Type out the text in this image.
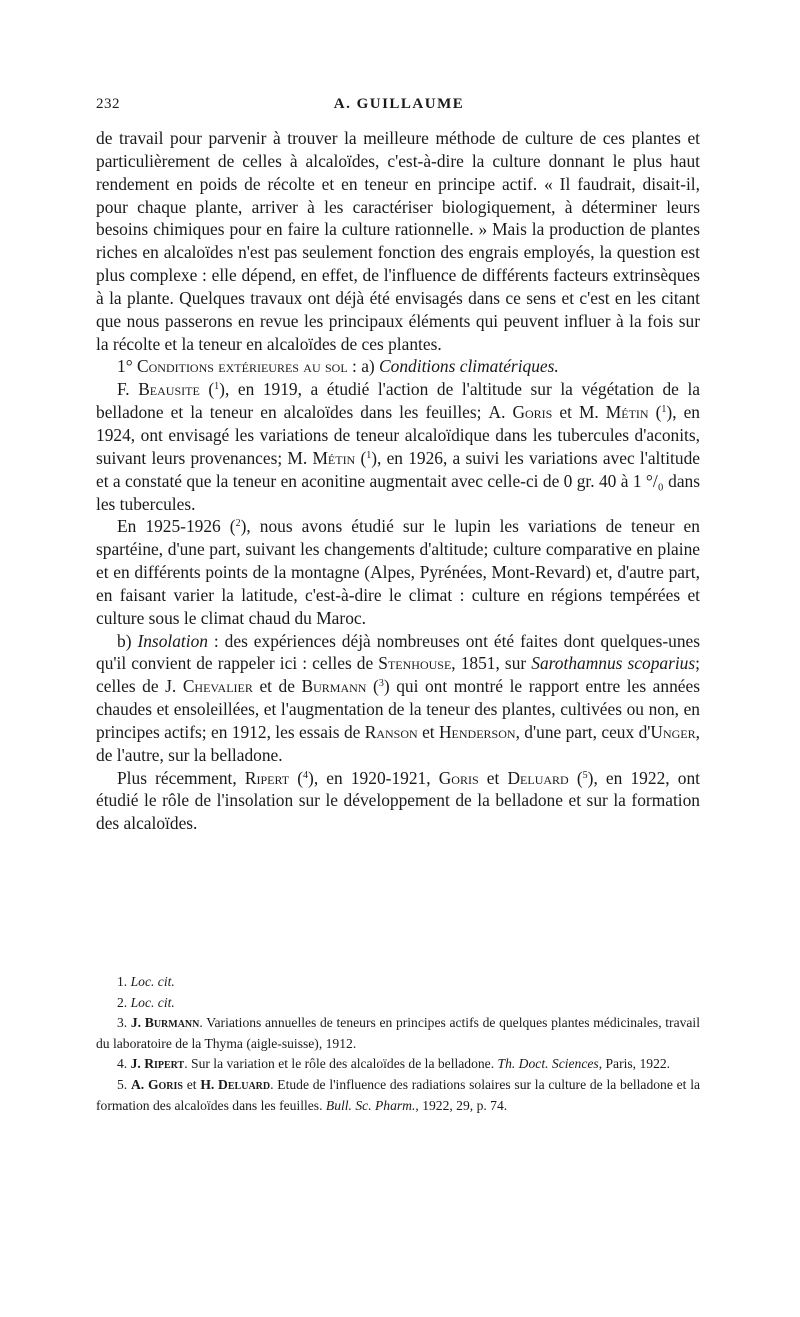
232	A. GUILLAUME

de travail pour parvenir à trouver la meilleure méthode de culture de ces plantes et particulièrement de celles à alcaloïdes, c'est-à-dire la culture donnant le plus haut rendement en poids de récolte et en teneur en principe actif. « Il faudrait, disait-il, pour chaque plante, arriver à les caractériser biologiquement, à déterminer leurs besoins chimiques pour en faire la culture rationnelle. » Mais la production de plantes riches en alcaloïdes n'est pas seulement fonction des engrais employés, la question est plus complexe : elle dépend, en effet, de l'influence de différents facteurs extrinsèques à la plante. Quelques travaux ont déjà été envisagés dans ce sens et c'est en les citant que nous passerons en revue les principaux éléments qui peuvent influer à la fois sur la récolte et la teneur en alcaloïdes de ces plantes.

1° Conditions extérieures au sol : a) Conditions climatériques.

F. Beausite ($^1$), en 1919, a étudié l'action de l'altitude sur la végétation de la belladone et la teneur en alcaloïdes dans les feuilles; A. Goris et M. Métin ($^1$), en 1924, ont envisagé les variations de teneur alcaloïdique dans les tubercules d'aconits, suivant leurs provenances; M. Métin ($^1$), en 1926, a suivi les variations avec l'altitude et a constaté que la teneur en aconitine augmentait avec celle-ci de 0 gr. 40 à 1 °/₀ dans les tubercules.

En 1925-1926 ($^2$), nous avons étudié sur le lupin les variations de teneur en spartéine, d'une part, suivant les changements d'altitude; culture comparative en plaine et en différents points de la montagne (Alpes, Pyrénées, Mont-Revard) et, d'autre part, en faisant varier la latitude, c'est-à-dire le climat : culture en régions tempérées et culture sous le climat chaud du Maroc.

b) Insolation : des expériences déjà nombreuses ont été faites dont quelques-unes qu'il convient de rappeler ici : celles de Stenhouse, 1851, sur Sarothamnus scoparius; celles de J. Chevalier et de Burmann ($^3$) qui ont montré le rapport entre les années chaudes et ensoleillées, et l'augmentation de la teneur des plantes, cultivées ou non, en principes actifs; en 1912, les essais de Ranson et Henderson, d'une part, ceux d'Unger, de l'autre, sur la belladone.

Plus récemment, Ripert ($^4$), en 1920-1921, Goris et Deluard ($^5$), en 1922, ont étudié le rôle de l'insolation sur le développement de la belladone et sur la formation des alcaloïdes.

1. Loc. cit.

2. Loc. cit.

3. J. Burmann. Variations annuelles de teneurs en principes actifs de quelques plantes médicinales, travail du laboratoire de la Thyma (aigle-suisse), 1912.

4. J. Ripert. Sur la variation et le rôle des alcaloïdes de la belladone. Th. Doct. Sciences, Paris, 1922.

5. A. Goris et H. Deluard. Etude de l'influence des radiations solaires sur la culture de la belladone et la formation des alcaloïdes dans les feuilles. Bull. Sc. Pharm., 1922, 29, p. 74.
